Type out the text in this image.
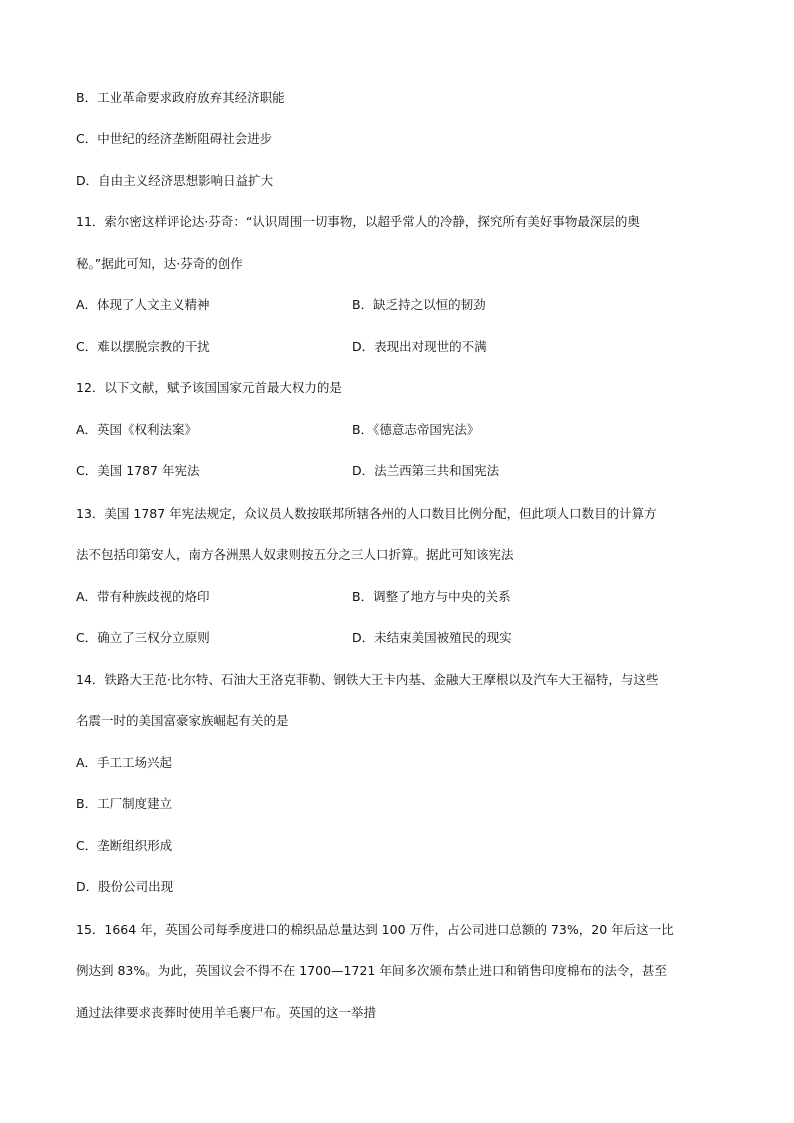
B．工业革命要求政府放弃其经济职能
C．中世纪的经济垄断阻碍社会进步
D．自由主义经济思想影响日益扩大
11．索尔密这样评论达·芬奇：“认识周围一切事物，以超乎常人的冷静，探究所有美好事物最深层的奥
秘。”据此可知，达·芬奇的创作
A．体现了人文主义精神	B．缺乏持之以恒的韧劲
C．难以摆脱宗教的干扰	D．表现出对现世的不满
12．以下文献，赋予该国国家元首最大权力的是
A．英国《权利法案》	B．《德意志帝国宪法》
C．美国 1787 年宪法	D．法兰西第三共和国宪法
13．美国 1787 年宪法规定，众议员人数按联邦所辖各州的人口数目比例分配，但此项人口数目的计算方
法不包括印第安人，南方各洲黑人奴隶则按五分之三人口折算。据此可知该宪法
A．带有种族歧视的烙印	B．调整了地方与中央的关系
C．确立了三权分立原则	D．未结束美国被殖民的现实
14．铁路大王范·比尔特、石油大王洛克菲勒、钢铁大王卡内基、金融大王摩根以及汽车大王福特，与这些
名震一时的美国富豪家族崛起有关的是
A．手工工场兴起
B．工厂制度建立
C．垄断组织形成
D．股份公司出现
15．1664 年，英国公司每季度进口的棉织品总量达到 100 万件，占公司进口总额的 73%，20 年后这一比
例达到 83%。为此，英国议会不得不在 1700—1721 年间多次颁布禁止进口和销售印度棉布的法令，甚至
通过法律要求丧葬时使用羊毛裹尸布。英国的这一举措
